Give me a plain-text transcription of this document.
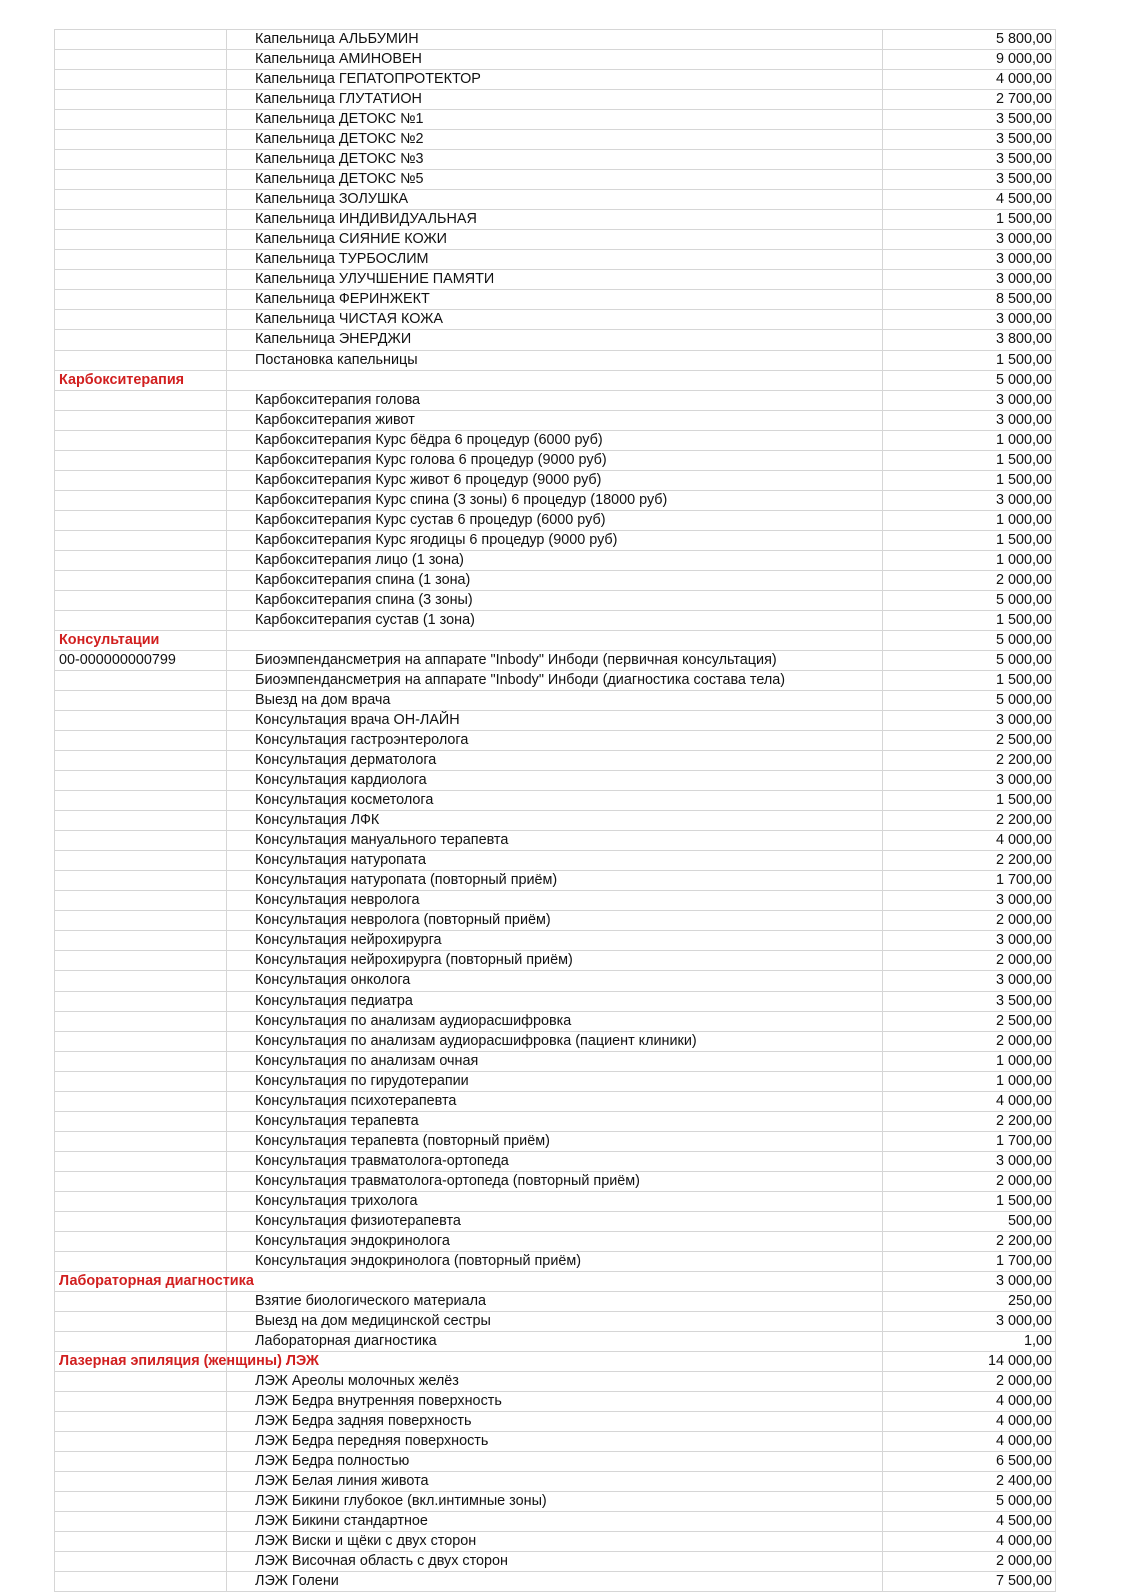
	Капельница АЛЬБУМИН	5 800,00
	Капельница АМИНОВЕН	9 000,00
	Капельница ГЕПАТОПРОТЕКТОР	4 000,00
	Капельница ГЛУТАТИОН	2 700,00
	Капельница ДЕТОКС №1	3 500,00
	Капельница ДЕТОКС №2	3 500,00
	Капельница ДЕТОКС №3	3 500,00
	Капельница ДЕТОКС №5	3 500,00
	Капельница ЗОЛУШКА	4 500,00
	Капельница ИНДИВИДУАЛЬНАЯ	1 500,00
	Капельница СИЯНИЕ КОЖИ	3 000,00
	Капельница ТУРБОСЛИМ	3 000,00
	Капельница УЛУЧШЕНИЕ ПАМЯТИ	3 000,00
	Капельница ФЕРИНЖЕКТ	8 500,00
	Капельница ЧИСТАЯ КОЖА	3 000,00
	Капельница ЭНЕРДЖИ	3 800,00
	Постановка капельницы	1 500,00
Карбокситерапия		5 000,00
	Карбокситерапия голова	3 000,00
	Карбокситерапия живот	3 000,00
	Карбокситерапия Курс бёдра 6 процедур (6000 руб)	1 000,00
	Карбокситерапия Курс голова 6 процедур (9000 руб)	1 500,00
	Карбокситерапия Курс живот 6 процедур (9000 руб)	1 500,00
	Карбокситерапия Курс спина (3 зоны) 6 процедур (18000 руб)	3 000,00
	Карбокситерапия Курс сустав 6 процедур (6000 руб)	1 000,00
	Карбокситерапия Курс ягодицы 6 процедур (9000 руб)	1 500,00
	Карбокситерапия лицо (1 зона)	1 000,00
	Карбокситерапия спина (1 зона)	2 000,00
	Карбокситерапия спина (3 зоны)	5 000,00
	Карбокситерапия сустав (1 зона)	1 500,00
Консультации		5 000,00
00-000000000799	Биоэмпендансметрия на аппарате "Inbody" Инбоди (первичная консультация)	5 000,00
	Биоэмпендансметрия на аппарате "Inbody" Инбоди (диагностика состава тела)	1 500,00
	Выезд на дом врача	5 000,00
	Консультация врача ОН-ЛАЙН	3 000,00
	Консультация гастроэнтеролога	2 500,00
	Консультация дерматолога	2 200,00
	Консультация кардиолога	3 000,00
	Консультация косметолога	1 500,00
	Консультация ЛФК	2 200,00
	Консультация мануального терапевта	4 000,00
	Консультация натуропата	2 200,00
	Консультация натуропата (повторный приём)	1 700,00
	Консультация невролога	3 000,00
	Консультация невролога (повторный приём)	2 000,00
	Консультация нейрохирурга	3 000,00
	Консультация нейрохирурга (повторный приём)	2 000,00
	Консультация онколога	3 000,00
	Консультация педиатра	3 500,00
	Консультация по анализам аудиорасшифровка	2 500,00
	Консультация по анализам аудиорасшифровка (пациент клиники)	2 000,00
	Консультация по анализам очная	1 000,00
	Консультация по гирудотерапии	1 000,00
	Консультация психотерапевта	4 000,00
	Консультация терапевта	2 200,00
	Консультация терапевта (повторный приём)	1 700,00
	Консультация травматолога-ортопеда	3 000,00
	Консультация травматолога-ортопеда (повторный приём)	2 000,00
	Консультация трихолога	1 500,00
	Консультация физиотерапевта	500,00
	Консультация эндокринолога	2 200,00
	Консультация эндокринолога (повторный приём)	1 700,00
Лабораторная диагностика		3 000,00
	Взятие биологического материала	250,00
	Выезд на дом медицинской сестры	3 000,00
	Лабораторная диагностика	1,00
Лазерная эпиляция (женщины) ЛЭЖ		14 000,00
	ЛЭЖ Ареолы молочных желёз	2 000,00
	ЛЭЖ Бедра внутренняя поверхность	4 000,00
	ЛЭЖ Бедра задняя поверхность	4 000,00
	ЛЭЖ Бедра передняя поверхность	4 000,00
	ЛЭЖ Бедра полностью	6 500,00
	ЛЭЖ Белая линия живота	2 400,00
	ЛЭЖ Бикини глубокое (вкл.интимные зоны)	5 000,00
	ЛЭЖ Бикини стандартное	4 500,00
	ЛЭЖ Виски и щёки с двух сторон	4 000,00
	ЛЭЖ Височная область с двух сторон	2 000,00
	ЛЭЖ Голени	7 500,00
